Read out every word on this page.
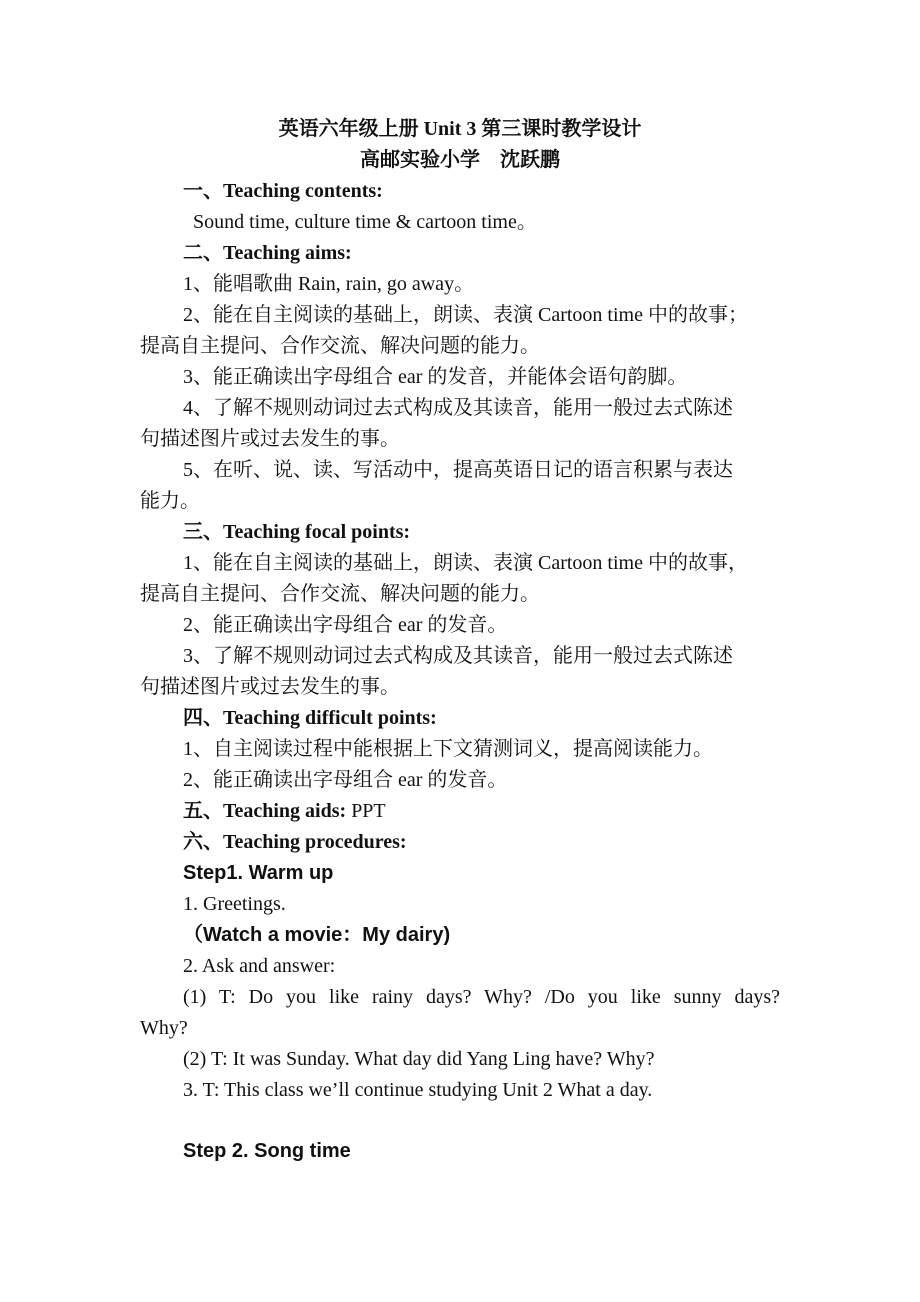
英语六年级上册 Unit 3 第三课时教学设计
高邮实验小学　沈跃鹏
一、Teaching contents:
Sound time, culture time & cartoon time。
二、Teaching aims:
1、能唱歌曲 Rain, rain, go away。
2、能在自主阅读的基础上，朗读、表演 Cartoon time 中的故事；
提高自主提问、合作交流、解决问题的能力。
3、能正确读出字母组合 ear 的发音，并能体会语句韵脚。
4、了解不规则动词过去式构成及其读音，能用一般过去式陈述
句描述图片或过去发生的事。
5、在听、说、读、写活动中，提高英语日记的语言积累与表达
能力。
三、Teaching focal points:
1、能在自主阅读的基础上，朗读、表演 Cartoon time 中的故事，
提高自主提问、合作交流、解决问题的能力。
2、能正确读出字母组合 ear 的发音。
3、了解不规则动词过去式构成及其读音，能用一般过去式陈述
句描述图片或过去发生的事。
四、Teaching difficult points:
1、自主阅读过程中能根据上下文猜测词义，提高阅读能力。
2、能正确读出字母组合 ear 的发音。
五、Teaching aids: PPT
六、Teaching procedures:
Step1. Warm up
1. Greetings.
（Watch a movie：My dairy)
2. Ask and answer:
(1) T: Do you like rainy days? Why? /Do you like sunny days?
Why?
(2) T: It was Sunday. What day did Yang Ling have? Why?
3. T: This class we’ll continue studying Unit 2 What a day.
Step 2. Song time
